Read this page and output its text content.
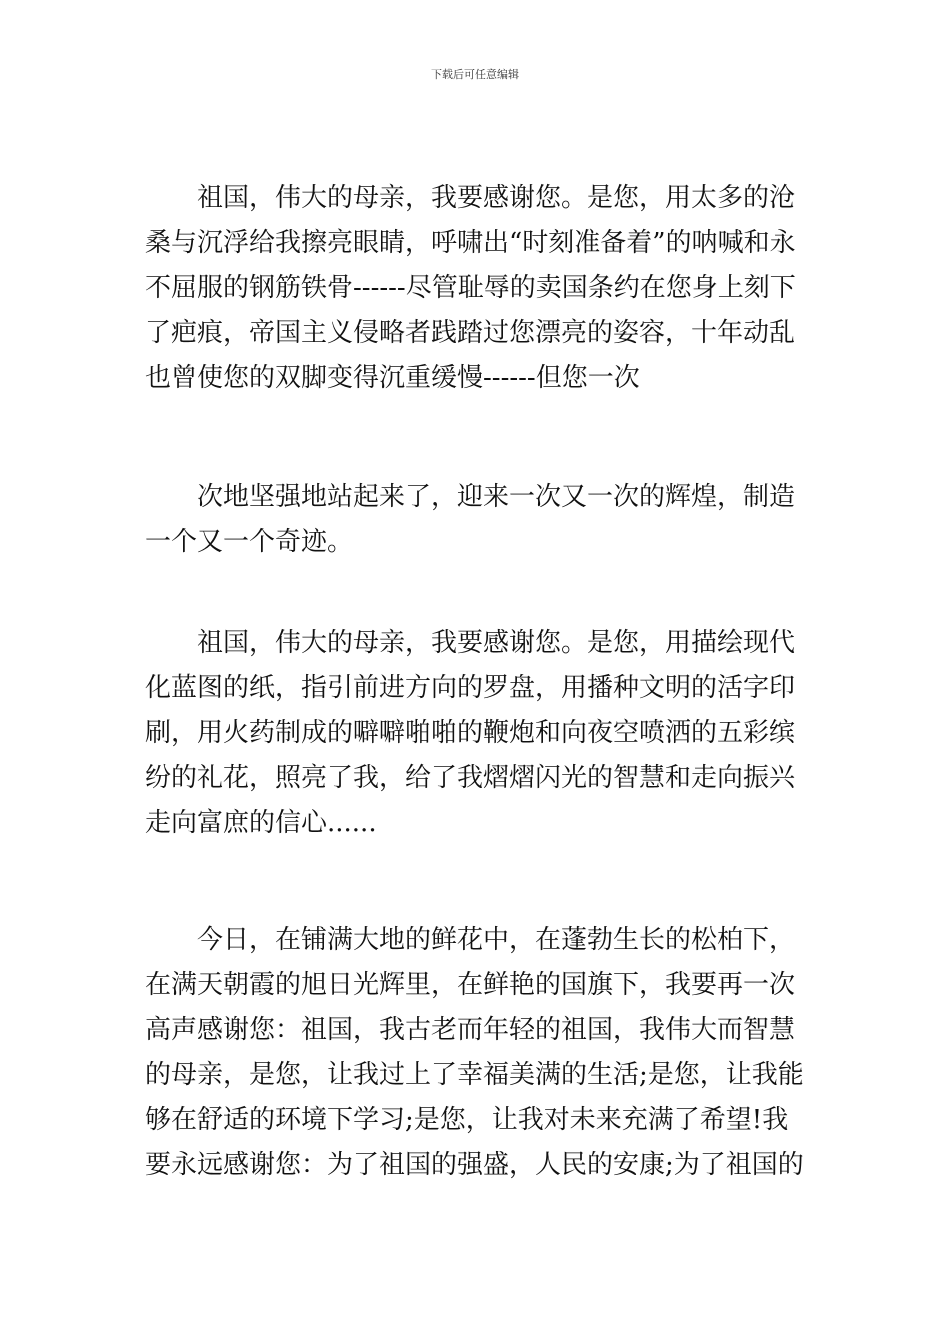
下载后可任意编辑

祖国，伟大的母亲，我要感谢您。是您，用太多的沧桑与沉浮给我擦亮眼睛，呼啸出“时刻准备着”的呐喊和永不屈服的钢筋铁骨------尽管耻辱的卖国条约在您身上刻下了疤痕，帝国主义侵略者践踏过您漂亮的姿容，十年动乱也曾使您的双脚变得沉重缓慢------但您一次

次地坚强地站起来了，迎来一次又一次的辉煌，制造一个又一个奇迹。

祖国，伟大的母亲，我要感谢您。是您，用描绘现代化蓝图的纸，指引前进方向的罗盘，用播种文明的活字印刷，用火药制成的噼噼啪啪的鞭炮和向夜空喷洒的五彩缤纷的礼花，照亮了我，给了我熠熠闪光的智慧和走向振兴走向富庶的信心......

今日，在铺满大地的鲜花中，在蓬勃生长的松柏下，在满天朝霞的旭日光辉里，在鲜艳的国旗下，我要再一次高声感谢您：祖国，我古老而年轻的祖国，我伟大而智慧的母亲，是您，让我过上了幸福美满的生活;是您，让我能够在舒适的环境下学习;是您，让我对未来充满了希望!我要永远感谢您：为了祖国的强盛，人民的安康;为了祖国的
